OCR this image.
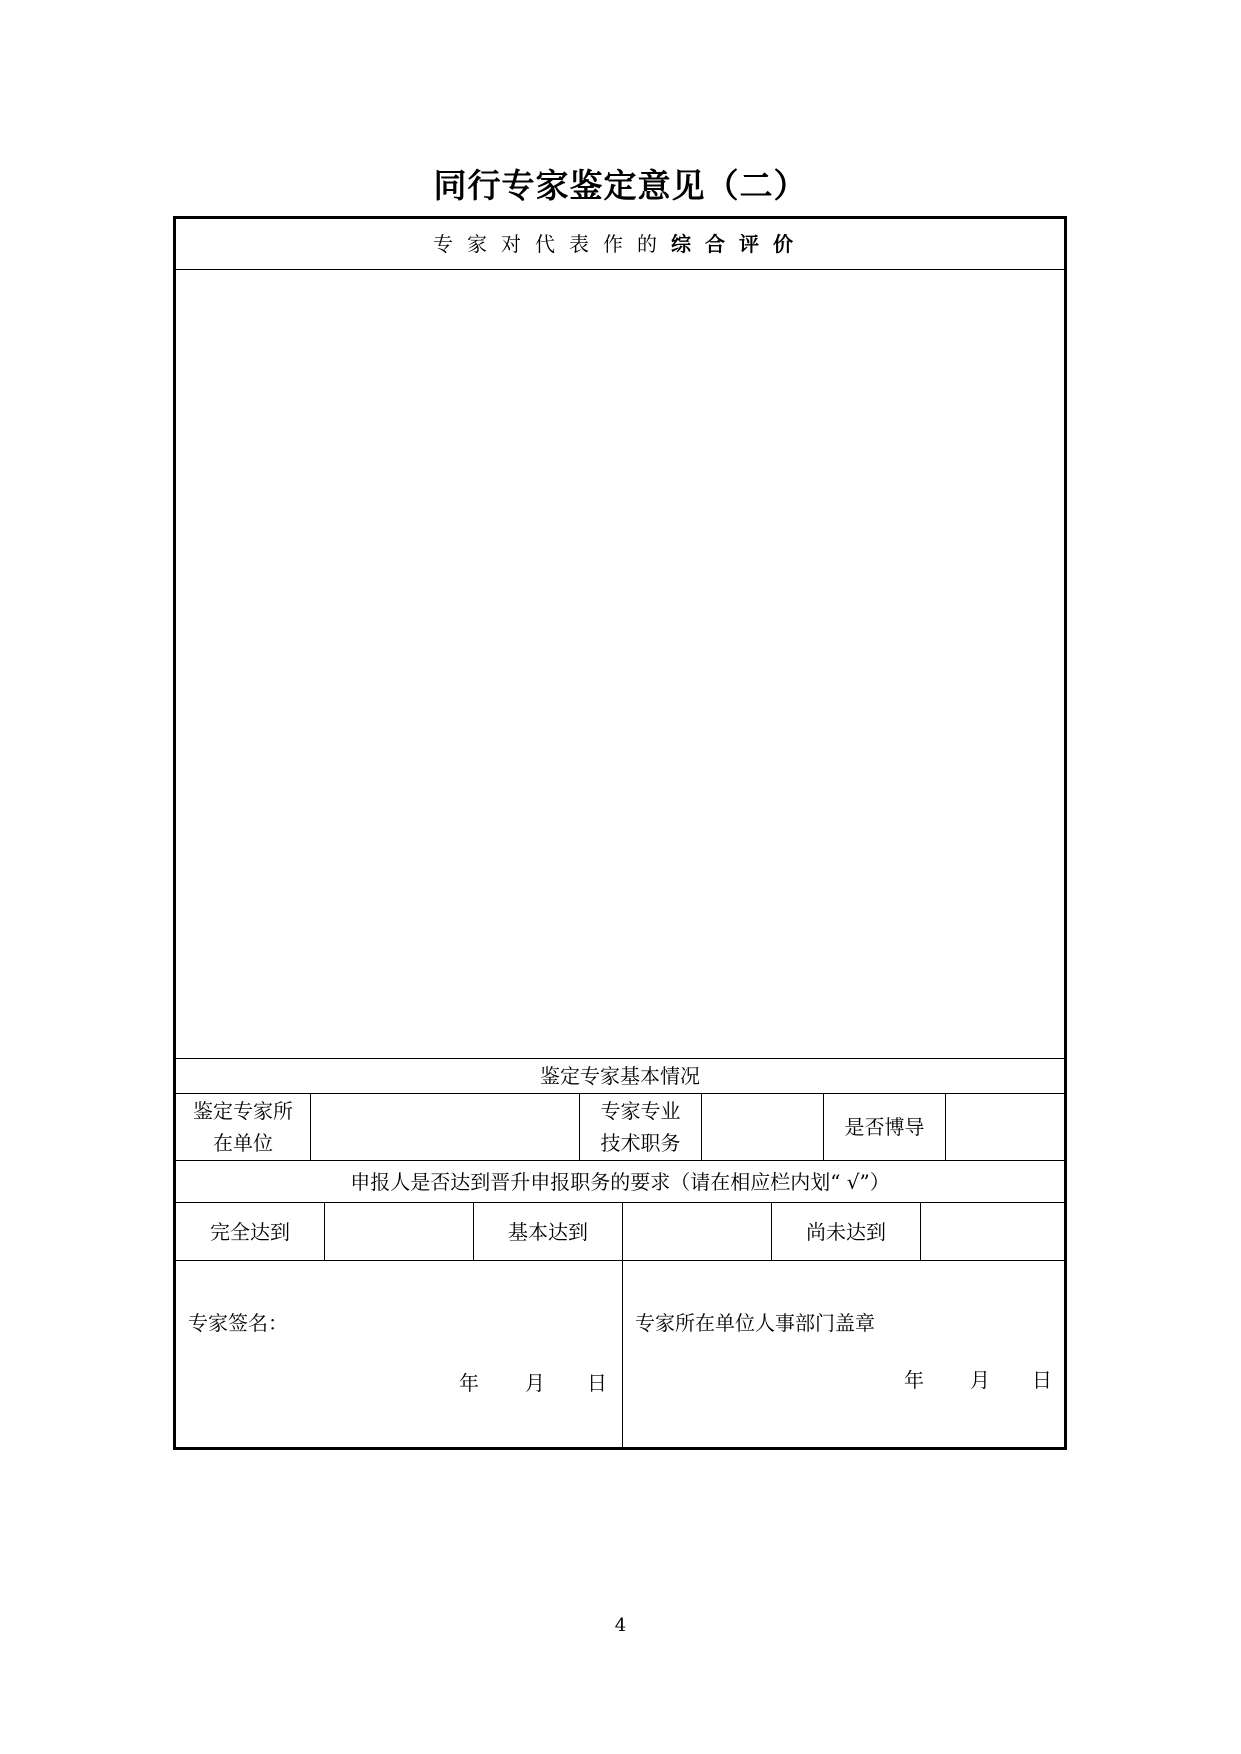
同行专家鉴定意见（二）
专家对代表作的 综合评价
鉴定专家基本情况
鉴定专家所
在单位
专家专业
技术职务
是否博导
申报人是否达到晋升申报职务的要求（请在相应栏内划“ √”）
完全达到	基本达到	尚未达到
专家签名：
年 月 日
专家所在单位人事部门盖章
年 月 日
4
